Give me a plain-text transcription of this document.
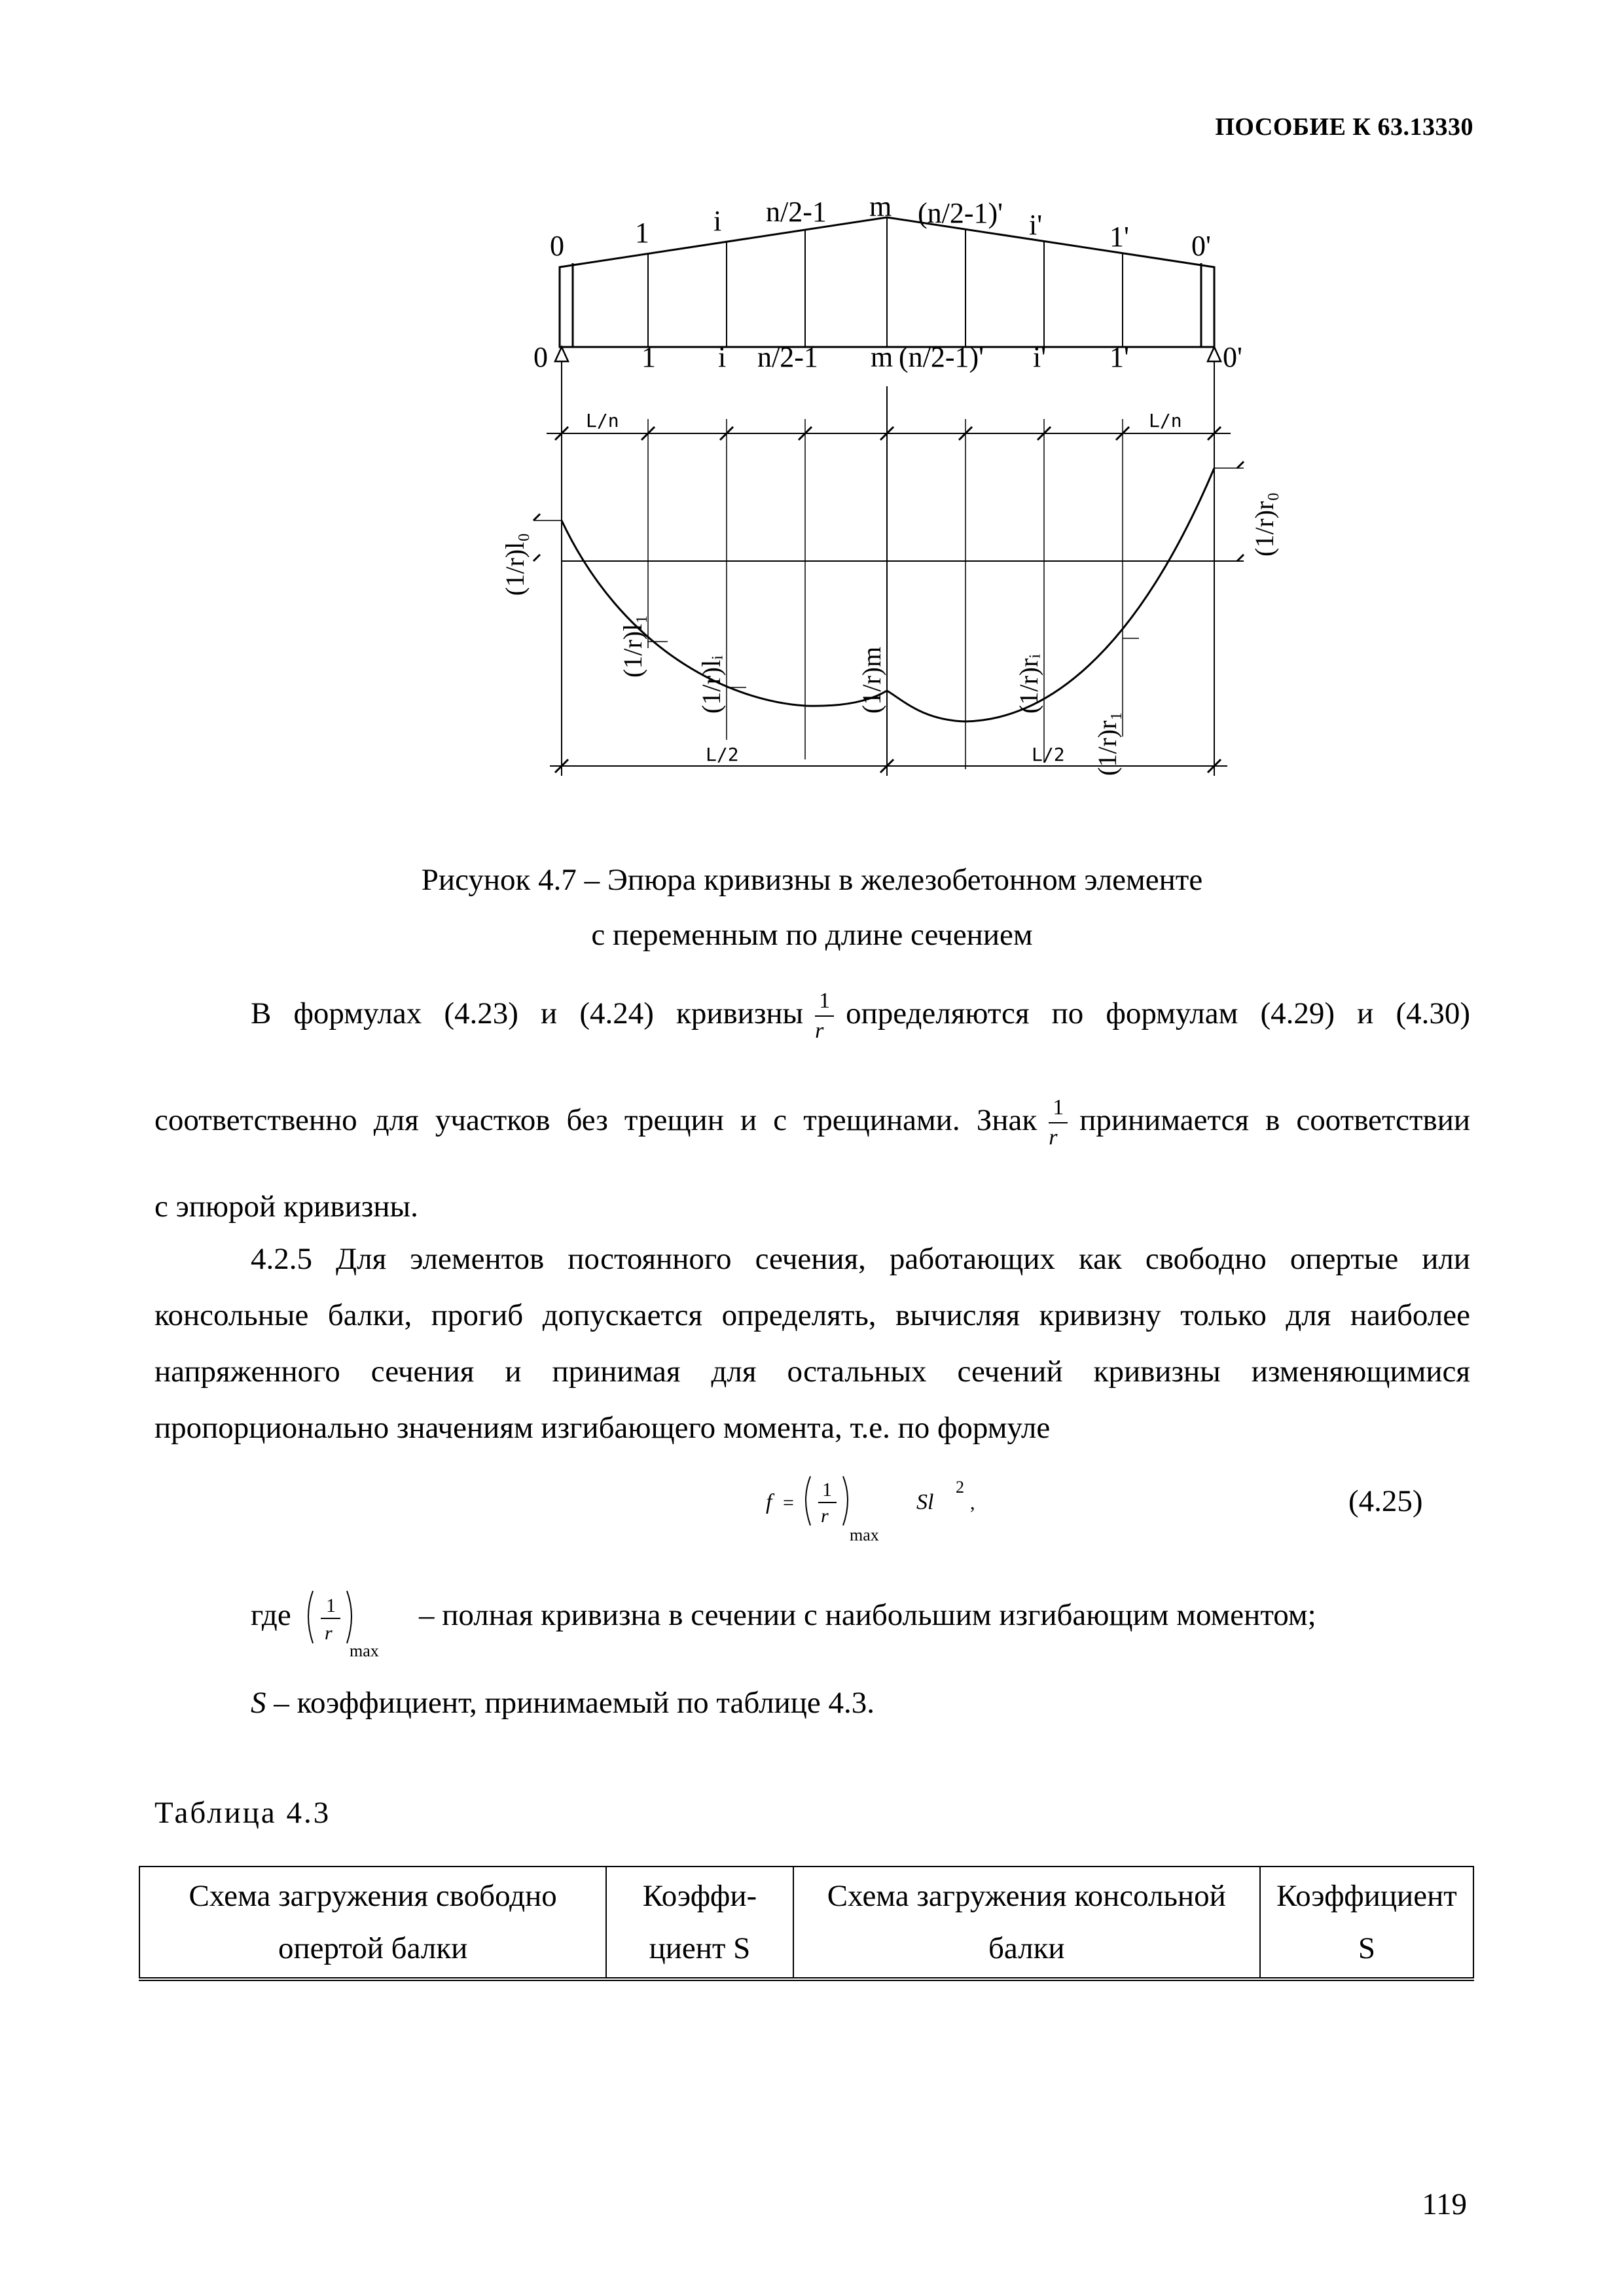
ПОСОБИЕ К 63.13330
0 1 i n/2-1 m (n/2-1)' i' 1' 0'
0	1 i n/2-1 m (n/2-1)' i' 1'	0'
L/n	L/n
L/2	L/2
(1/r)l₀
(1/r)l₁
(1/r)lᵢ
(1/r)m
(1/r)rᵢ
(1/r)r₁
(1/r)r₀
Рисунок 4.7 – Эпюра кривизны в железобетонном элементе
с переменным по длине сечением
В формулах (4.23) и (4.24) кривизны $\frac{1}{r}$ определяются по формулам (4.29) и (4.30)
соответственно для участков без трещин и с трещинами. Знак $\frac{1}{r}$ принимается в соответствии
с эпюрой кривизны.
4.2.5 Для элементов постоянного сечения, работающих как свободно опертые или
консольные балки, прогиб допускается определять, вычисляя кривизну только для наиболее
напряженного сечения и принимая для остальных сечений кривизны изменяющимися
пропорционально значениям изгибающего момента, т.е. по формуле
f =
1
r
max
Sl
2
,	(4.25)
где 1
r
max
– полная кривизна в сечении с наибольшим изгибающим моментом;
S – коэффициент, принимаемый по таблице 4.3.
Таблица 4.3
Схема загружения свободно
опертой балки

Коэффи-
циент S

Схема загружения консольной
балки

Коэффициент
S
119
